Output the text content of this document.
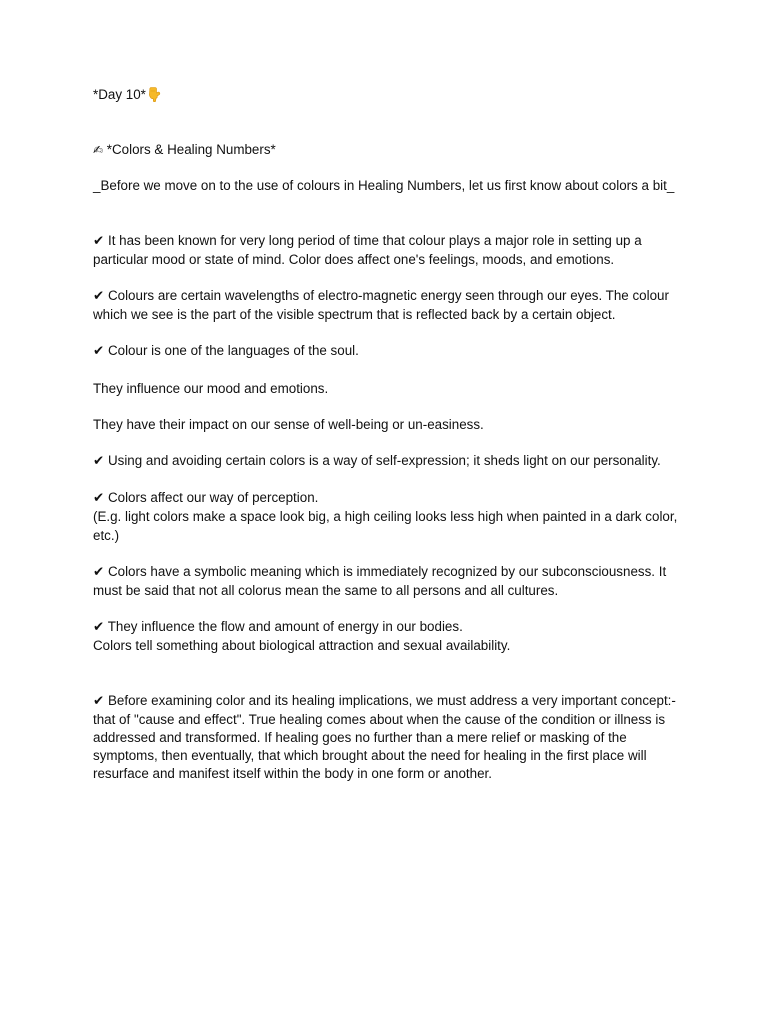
*Day 10*

✍ *Colors & Healing Numbers*

_Before we move on to the use of colours in Healing Numbers, let us first know about colors a bit_

✔ It has been known for very long period of time that colour plays a major role in setting up a particular mood or state of mind. Color does affect one's feelings, moods, and emotions.

✔ Colours are certain wavelengths of electro-magnetic energy seen through our eyes. The colour which we see is the part of the visible spectrum that is reflected back by a certain object.

✔ Colour is one of the languages of the soul.

They influence our mood and emotions.

They have their impact on our sense of well-being or un-easiness.

✔ Using and avoiding certain colors is a way of self-expression; it sheds light on our personality.

✔ Colors affect our way of perception.

(E.g. light colors make a space look big, a high ceiling looks less high when painted in a dark color, etc.)

✔ Colors have a symbolic meaning which is immediately recognized by our subconsciousness. It must be said that not all colorus mean the same to all persons and all cultures.

✔ They influence the flow and amount of energy in our bodies.

Colors tell something about biological attraction and sexual availability.

✔ Before examining color and its healing implications, we must address a very important concept:- that of "cause and effect". True healing comes about when the cause of the condition or illness is addressed and transformed. If healing goes no further than a mere relief or masking of the symptoms, then eventually, that which brought about the need for healing in the first place will resurface and manifest itself within the body in one form or another.
